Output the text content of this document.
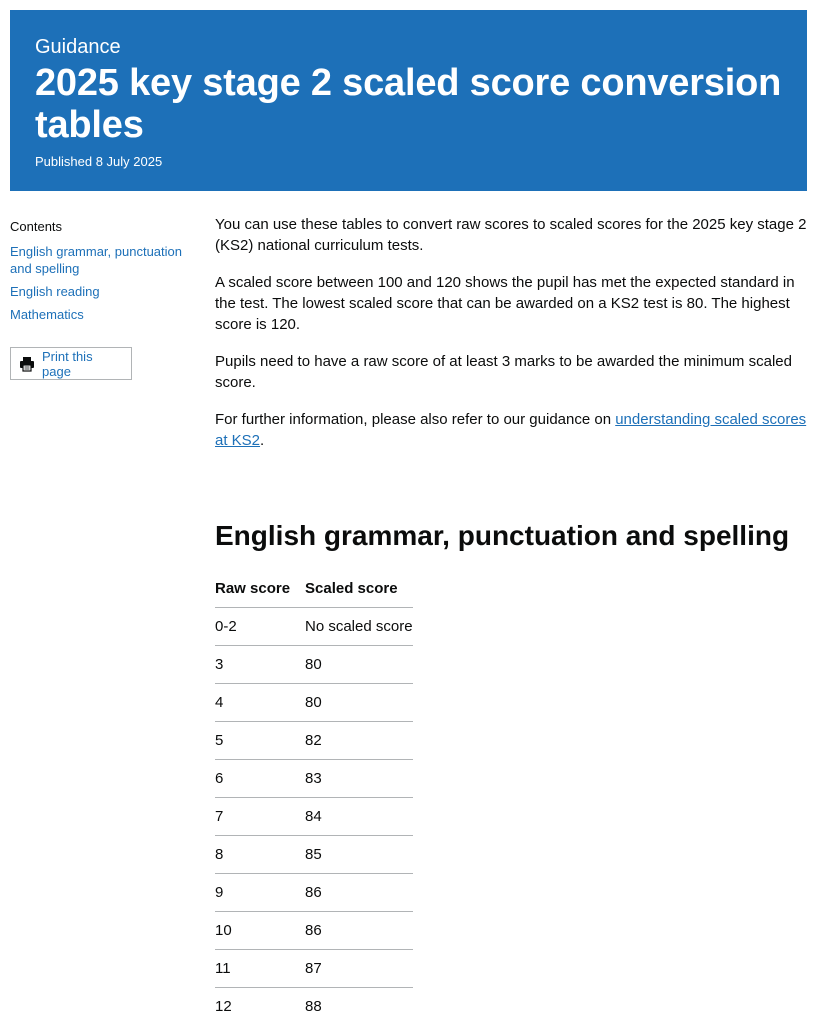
Guidance
2025 key stage 2 scaled score conversion tables
Published 8 July 2025
Contents
English grammar, punctuation and spelling
English reading
Mathematics
Print this page

You can use these tables to convert raw scores to scaled scores for the 2025 key stage 2 (KS2) national curriculum tests.

A scaled score between 100 and 120 shows the pupil has met the expected standard in the test. The lowest scaled score that can be awarded on a KS2 test is 80. The highest score is 120.

Pupils need to have a raw score of at least 3 marks to be awarded the minimum scaled score.

For further information, please also refer to our guidance on understanding scaled scores at KS2.

English grammar, punctuation and spelling
Raw score	Scaled score
0-2	No scaled score
3	80
4	80
5	82
6	83
7	84
8	85
9	86
10	86
11	87
12	88
